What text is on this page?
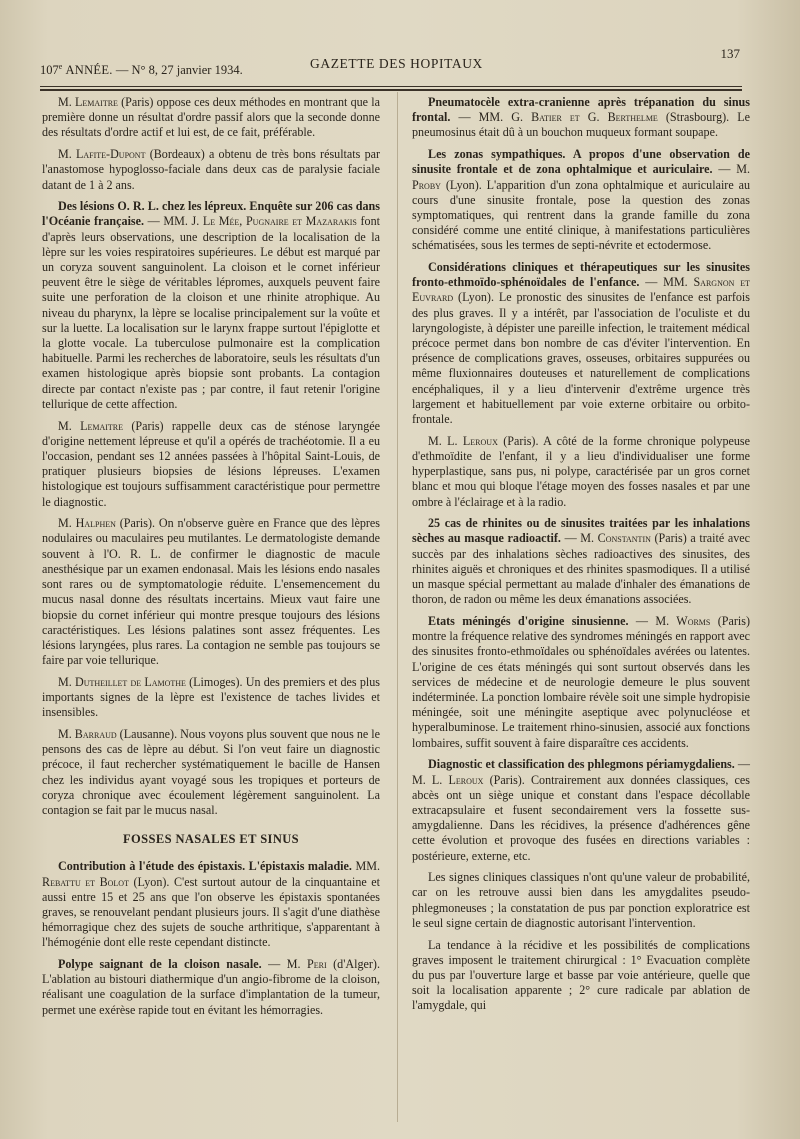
107e ANNÉE. — N° 8, 27 janvier 1934.	GAZETTE DES HOPITAUX
137

M. Lemaitre (Paris) oppose ces deux méthodes en montrant que la première donne un résultat d'ordre passif alors que la seconde donne des résultats d'ordre actif et lui est, de ce fait, préférable.

M. Lafite-Dupont (Bordeaux) a obtenu de très bons résultats par l'anastomose hypoglosso-faciale dans deux cas de paralysie faciale datant de 1 à 2 ans.

Des lésions O. R. L. chez les lépreux. Enquête sur 206 cas dans l'Océanie française. — MM. J. Le Mée, Pugnaire et Mazarakis font d'après leurs observations, une description de la localisation de la lèpre sur les voies respiratoires supérieures. Le début est marqué par un coryza souvent sanguinolent. La cloison et le cornet inférieur peuvent être le siège de véritables lépromes, auxquels peuvent faire suite une perforation de la cloison et une rhinite atrophique. Au niveau du pharynx, la lèpre se localise principalement sur la voûte et sur la luette. La localisation sur le larynx frappe surtout l'épiglotte et la glotte vocale. La tuberculose pulmonaire est la complication habituelle. Parmi les recherches de laboratoire, seuls les résultats d'un examen histologique après biopsie sont probants. La contagion directe par contact n'existe pas ; par contre, il faut retenir l'origine tellurique de cette affection.

M. Lemaitre (Paris) rappelle deux cas de sténose laryngée d'origine nettement lépreuse et qu'il a opérés de trachéotomie. Il a eu l'occasion, pendant ses 12 années passées à l'hôpital Saint-Louis, de pratiquer plusieurs biopsies de lésions lépreuses. L'examen histologique est toujours suffisamment caractéristique pour permettre le diagnostic.

M. Halphen (Paris). On n'observe guère en France que des lèpres nodulaires ou maculaires peu mutilantes. Le dermatologiste demande souvent à l'O. R. L. de confirmer le diagnostic de macule anesthésique par un examen endonasal. Mais les lésions endo nasales sont rares ou de symptomatologie réduite. L'ensemencement du mucus nasal donne des résultats incertains. Mieux vaut faire une biopsie du cornet inférieur qui montre presque toujours des lésions caractéristiques. Les lésions palatines sont assez fréquentes. Les lésions laryngées, plus rares. La contagion ne semble pas toujours se faire par voie tellurique.

M. Dutheillet de Lamothe (Limoges). Un des premiers et des plus importants signes de la lèpre est l'existence de taches livides et insensibles.

M. Barraud (Lausanne). Nous voyons plus souvent que nous ne le pensons des cas de lèpre au début. Si l'on veut faire un diagnostic précoce, il faut rechercher systématiquement le bacille de Hansen chez les individus ayant voyagé sous les tropiques et porteurs de coryza chronique avec écoulement légèrement sanguinolent. La contagion se fait par le mucus nasal.

FOSSES NASALES ET SINUS

Contribution à l'étude des épistaxis. L'épistaxis maladie. MM. Rebattu et Bolot (Lyon). C'est surtout autour de la cinquantaine et aussi entre 15 et 25 ans que l'on observe les épistaxis spontanées graves, se renouvelant pendant plusieurs jours. Il s'agit d'une diathèse hémorragique chez des sujets de souche arthritique, s'apparentant à l'hémogénie dont elle reste cependant distincte.

Polype saignant de la cloison nasale. — M. Peri (d'Alger). L'ablation au bistouri diathermique d'un angio-fibrome de la cloison, réalisant une coagulation de la surface d'implantation de la tumeur, permet une exérèse rapide tout en évitant les hémorragies.

Pneumatocèle extra-cranienne après trépanation du sinus frontal. — MM. G. Batier et G. Berthelme (Strasbourg). Le pneumosinus était dû à un bouchon muqueux formant soupape.

Les zonas sympathiques. A propos d'une observation de sinusite frontale et de zona ophtalmique et auriculaire. — M. Proby (Lyon). L'apparition d'un zona ophtalmique et auriculaire au cours d'une sinusite frontale, pose la question des zonas symptomatiques, qui rentrent dans la grande famille du zona considéré comme une entité clinique, à manifestations particulières schématisées, sous les termes de septi-névrite et ectodermose.

Considérations cliniques et thérapeutiques sur les sinusites fronto-ethmoïdo-sphénoïdales de l'enfance. — MM. Sargnon et Euvrard (Lyon). Le pronostic des sinusites de l'enfance est parfois des plus graves. Il y a intérêt, par l'association de l'oculiste et du laryngologiste, à dépister une pareille infection, le traitement médical précoce permet dans bon nombre de cas d'éviter l'intervention. En présence de complications graves, osseuses, orbitaires suppurées ou même fluxionnaires douteuses et naturellement de complications encéphaliques, il y a lieu d'intervenir d'extrême urgence très largement et habituellement par voie externe orbitaire ou orbito-frontale.

M. L. Leroux (Paris). A côté de la forme chronique polypeuse d'ethmoïdite de l'enfant, il y a lieu d'individualiser une forme hyperplastique, sans pus, ni polype, caractérisée par un gros cornet blanc et mou qui bloque l'étage moyen des fosses nasales et par une ombre à l'éclairage et à la radio.

25 cas de rhinites ou de sinusites traitées par les inhalations sèches au masque radioactif. — M. Constantin (Paris) a traité avec succès par des inhalations sèches radioactives des sinusites, des rhinites aiguës et chroniques et des rhinites spasmodiques. Il a utilisé un masque spécial permettant au malade d'inhaler des émanations de thoron, de radon ou même les deux émanations associées.

Etats méningés d'origine sinusienne. — M. Worms (Paris) montre la fréquence relative des syndromes méningés en rapport avec des sinusites fronto-ethmoïdales ou sphénoïdales avérées ou latentes. L'origine de ces états méningés qui sont surtout observés dans les services de médecine et de neurologie demeure le plus souvent indéterminée. La ponction lombaire révèle soit une simple hydropisie méningée, soit une méningite aseptique avec polynucléose et hyperalbuminose. Le traitement rhino-sinusien, associé aux fonctions lombaires, suffit souvent à faire disparaître ces accidents.

Diagnostic et classification des phlegmons périamygdaliens. — M. L. Leroux (Paris). Contrairement aux données classiques, ces abcès ont un siège unique et constant dans l'espace décollable extracapsulaire et fusent secondairement vers la fossette sus-amygdalienne. Dans les récidives, la présence d'adhérences gêne cette évolution et provoque des fusées en directions variables : postérieure, externe, etc.

Les signes cliniques classiques n'ont qu'une valeur de probabilité, car on les retrouve aussi bien dans les amygdalites pseudo-phlegmoneuses ; la constatation de pus par ponction exploratrice est le seul signe certain de diagnostic autorisant l'intervention.

La tendance à la récidive et les possibilités de complications graves imposent le traitement chirurgical : 1° Evacuation complète du pus par l'ouverture large et basse par voie antérieure, quelle que soit la localisation apparente ; 2° cure radicale par ablation de l'amygdale, qui
